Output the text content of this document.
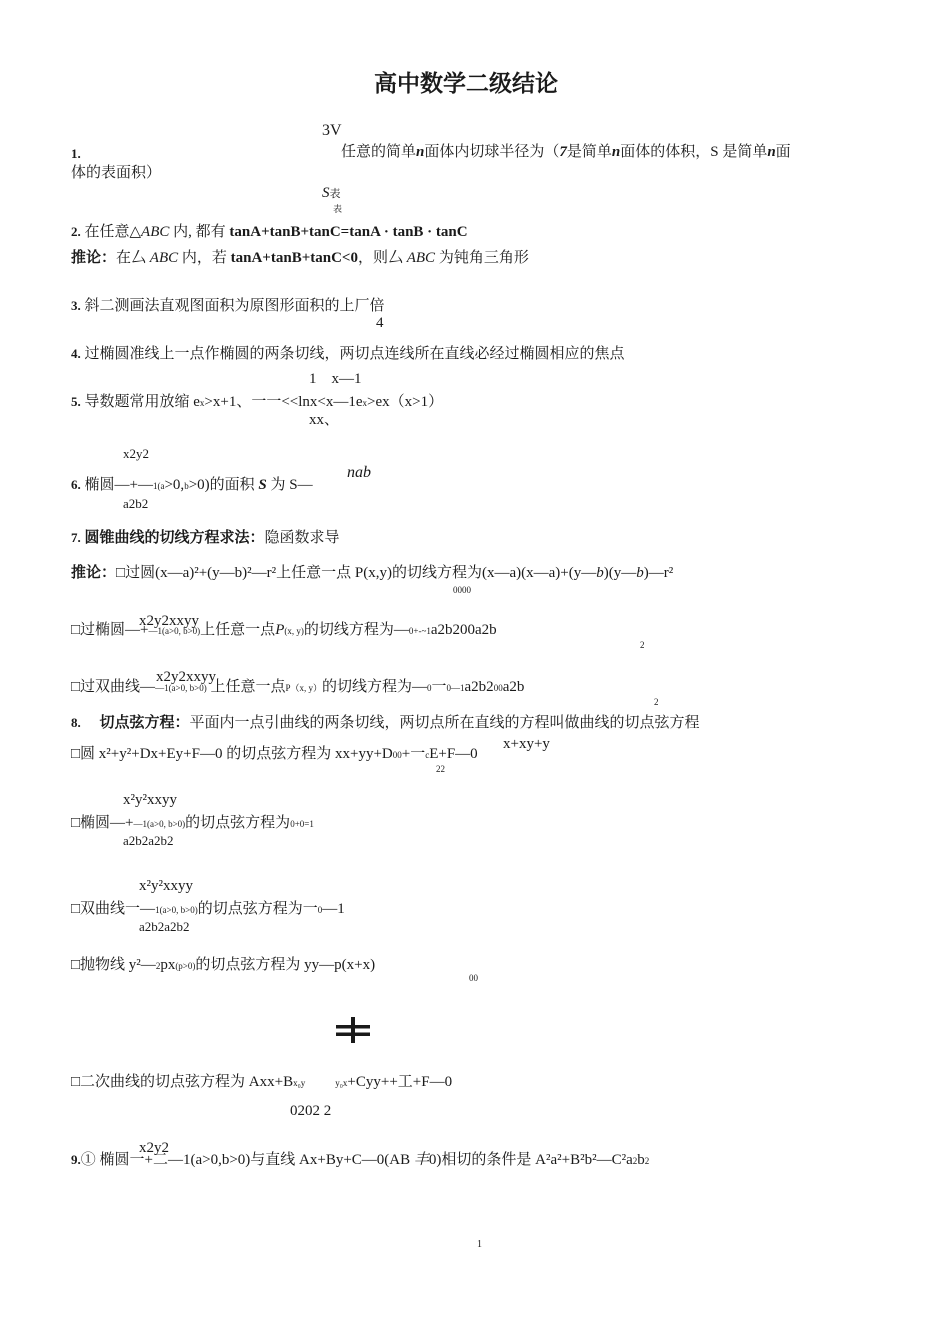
高中数学二级结论
3V
1.	任意的简单n面体内切球半径为（7是简单n面体的体积，S 是简单n面
体的表面积）
S表
表
2. 在任意△ABC 内, 都有 tanA+tanB+tanC=tanA · tanB · tanC
推论：在厶 ABC 内，若 tanA+tanB+tanC<0，则厶 ABC 为钝角三角形
3. 斜二测画法直观图面积为原图形面积的上厂倍
4
4. 过椭圆准线上一点作椭圆的两条切线，两切点连线所在直线必经过椭圆相应的焦点
1    x—1
5. 导数题常用放缩 ex>x+1、一一<<lnx<x—1ex>ex（x>1）
xx、
x2y2
6. 椭圆—+—1(a>0,b>0)的面积 S 为 S—
nab
a2b2
7. 圆锥曲线的切线方程求法：隐函数求导
推论：□过圆(x—a)²+(y—b)²—r²上任意一点 P(x,y)的切线方程为(x—a)(x—a)+(y—b)(y—b)—r²
0000
x2y2xxyy
□过椭圆—+—1(a>0, b>0)上任意一点P(x, y)的切线方程为—0+-~1a2b200a2b
2
x2y2xxyy
□过双曲线——1(a>0, b>0) 上任意一点P（x, y）的切线方程为—0一0—1a2b200a2b
2
8. 切点弦方程：平面内一点引曲线的两条切线，两切点所在直线的方程叫做曲线的切点弦方程
x+xy+y
□圆 x²+y²+Dx+Ey+F—0 的切点弦方程为 xx+yy+D00+一cE+F—0
22
x²y²xxyy
□椭圆—+—1(a>0, b>0)的切点弦方程为0+0=1
a2b2a2b2
x²y²xxyy
□双曲线一—1(a>0, b>0)的切点弦方程为一0—1
a2b2a2b2
□抛物线 y²—2px(p>0)的切点弦方程为 yy—p(x+x)
00
□二次曲线的切点弦方程为 Axx+Bx₀y	y₀x+Cyy++工+F—0
0202 2
x2y2
9.① 椭圆一+二—1(a>0,b>0)与直线 Ax+By+C—0(AB 丰0)相切的条件是 A²a²+B²b²—C²a2b2
1
